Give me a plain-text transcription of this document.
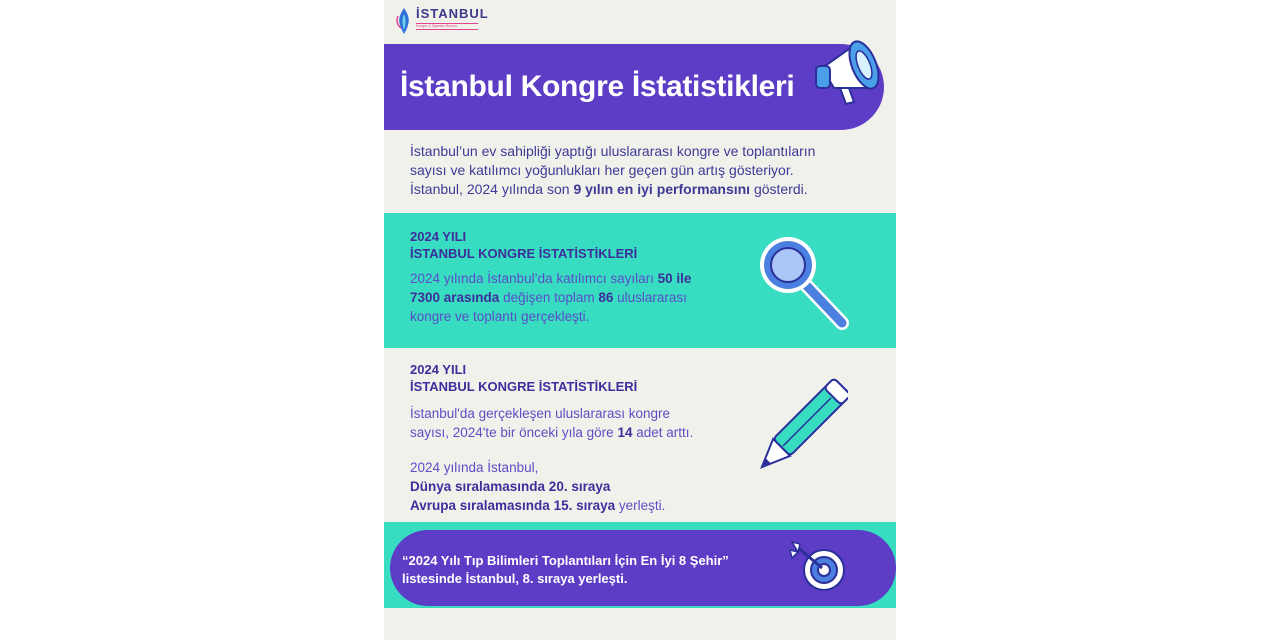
İSTANBUL
Kongre & Ziyaretçi Bürosu
İstanbul Kongre İstatistikleri
İstanbul’un ev sahipliği yaptığı uluslararası kongre ve toplantıların
sayısı ve katılımcı yoğunlukları her geçen gün artış gösteriyor.
İstanbul, 2024 yılında son 9 yılın en iyi performansını gösterdi.
2024 YILI
İSTANBUL KONGRE İSTATİSTİKLERİ
2024 yılında İstanbul’da katılımcı sayıları 50 ile
7300 arasında değişen toplam 86 uluslararası
kongre ve toplantı gerçekleşti.
2024 YILI
İSTANBUL KONGRE İSTATİSTİKLERİ
İstanbul'da gerçekleşen uluslararası kongre
sayısı, 2024'te bir önceki yıla göre 14 adet arttı.
2024 yılında İstanbul,
Dünya sıralamasında 20. sıraya
Avrupa sıralamasında 15. sıraya yerleşti.
“2024 Yılı Tıp Bilimleri Toplantıları İçin En İyi 8 Şehir”
listesinde İstanbul, 8. sıraya yerleşti.
